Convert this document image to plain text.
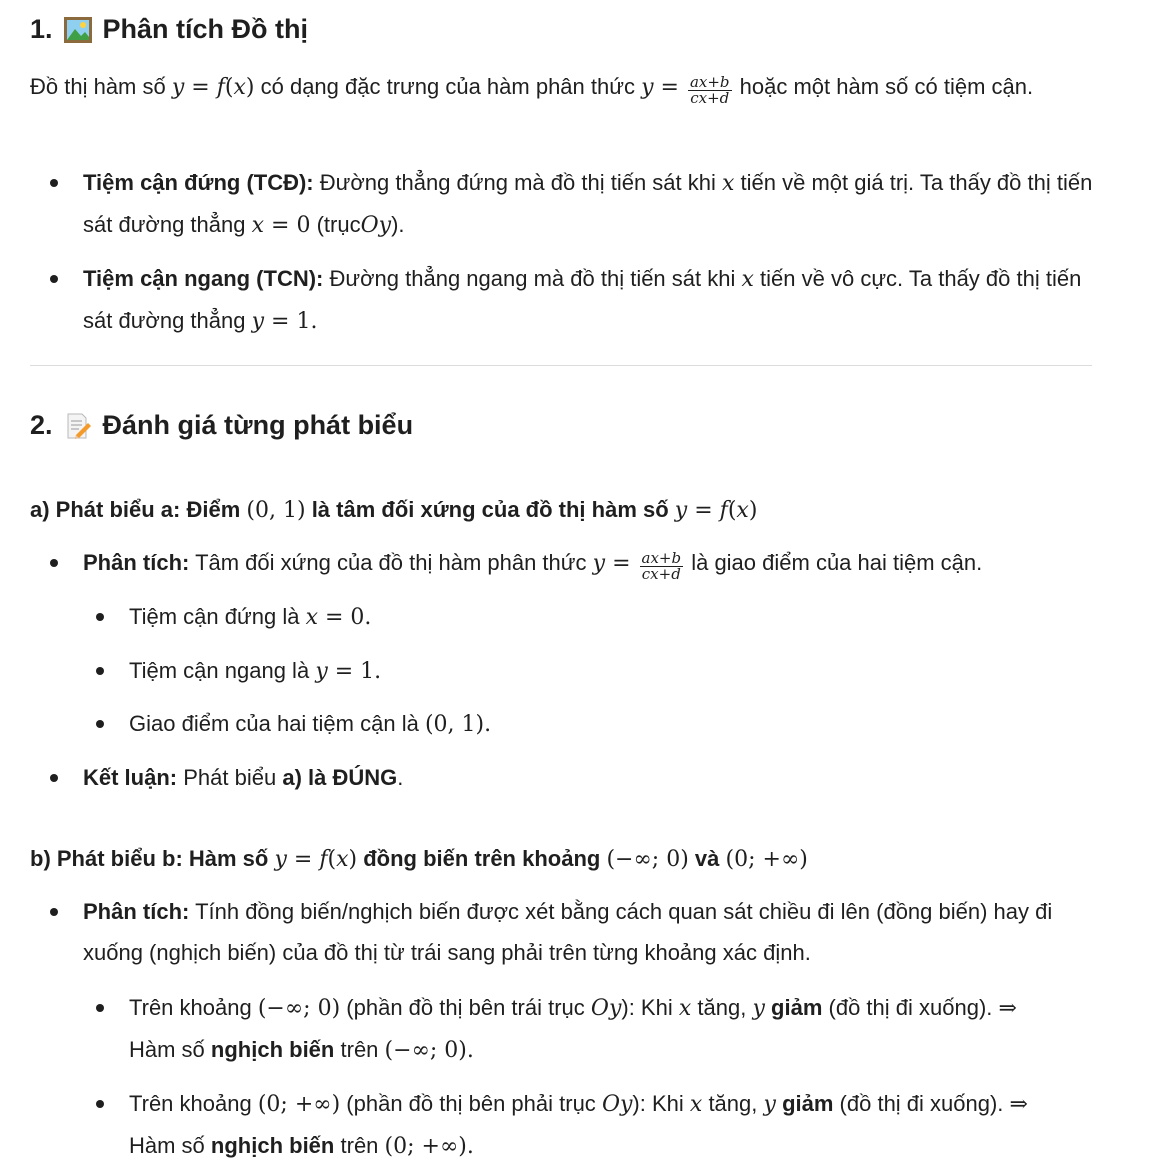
1. Phân tích Đồ thị

Đồ thị hàm số y = f(x) có dạng đặc trưng của hàm phân thức $y = \frac{ax+b}{cx+d}$ hoặc một hàm số có tiệm cận.

Tiệm cận đứng (TCĐ): Đường thẳng đứng mà đồ thị tiến sát khi x tiến về một giá trị. Ta thấy đồ thị tiến sát đường thẳng x = 0 (trụcOy).
Tiệm cận ngang (TCN): Đường thẳng ngang mà đồ thị tiến sát khi x tiến về vô cực. Ta thấy đồ thị tiến sát đường thẳng y = 1.
2. Đánh giá từng phát biểu
a) Phát biểu a: Điểm (0, 1) là tâm đối xứng của đồ thị hàm số y = f(x)
Phân tích: Tâm đối xứng của đồ thị hàm phân thức $y = \frac{ax+b}{cx+d}$ là giao điểm của hai tiệm cận.
Tiệm cận đứng là x = 0.
Tiệm cận ngang là y = 1.
Giao điểm của hai tiệm cận là (0, 1).
Kết luận: Phát biểu a) là ĐÚNG.
b) Phát biểu b: Hàm số y = f(x) đồng biến trên khoảng (−∞; 0) và (0; +∞)
Phân tích: Tính đồng biến/nghịch biến được xét bằng cách quan sát chiều đi lên (đồng biến) hay đi xuống (nghịch biến) của đồ thị từ trái sang phải trên từng khoảng xác định.
Trên khoảng (−∞; 0) (phần đồ thị bên trái trục Oy): Khi x tăng, y giảm (đồ thị đi xuống). ⇒ Hàm số nghịch biến trên (−∞; 0).
Trên khoảng (0; +∞) (phần đồ thị bên phải trục Oy): Khi x tăng, y giảm (đồ thị đi xuống). ⇒ Hàm số nghịch biến trên (0; +∞).
